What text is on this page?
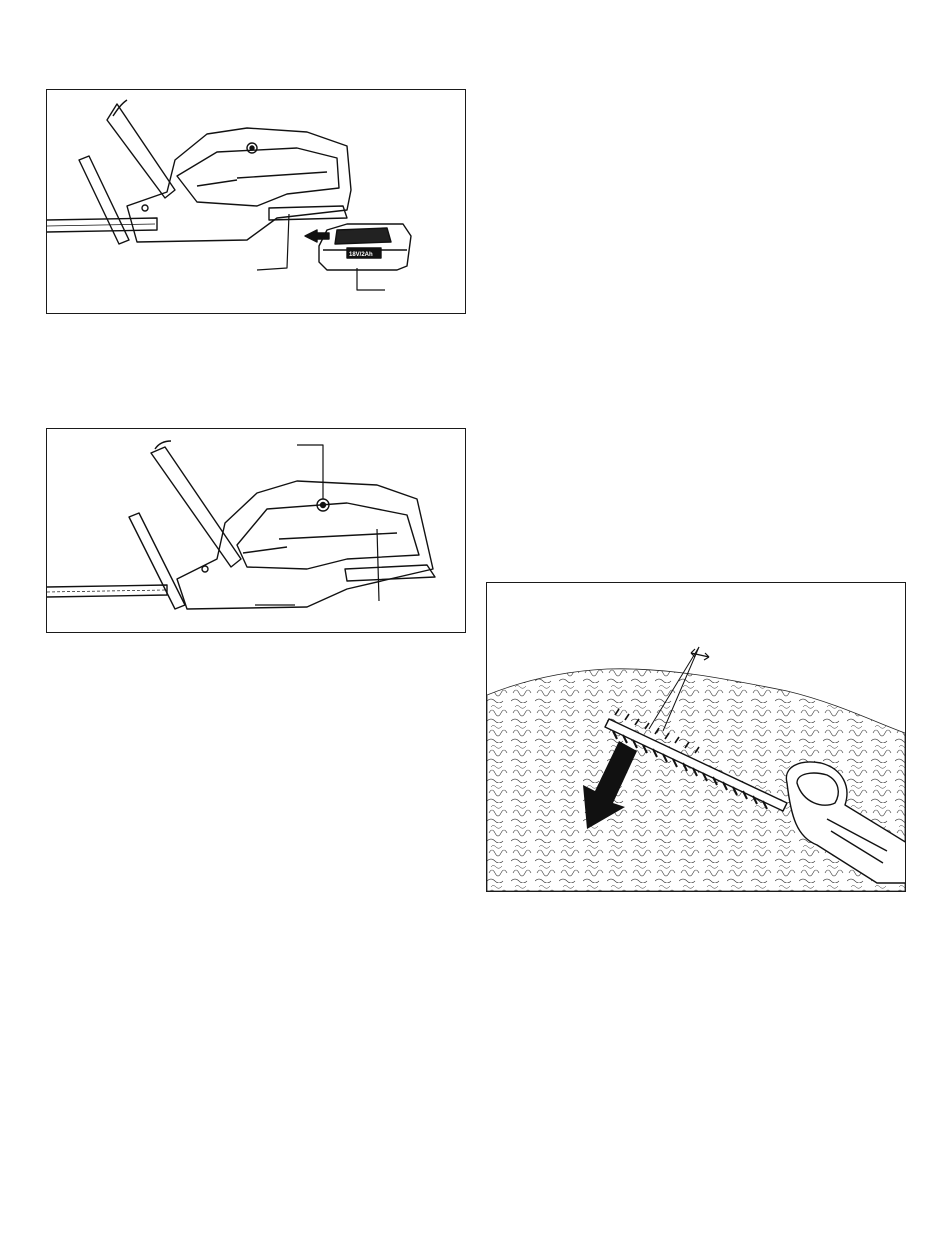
18V/2Ah
